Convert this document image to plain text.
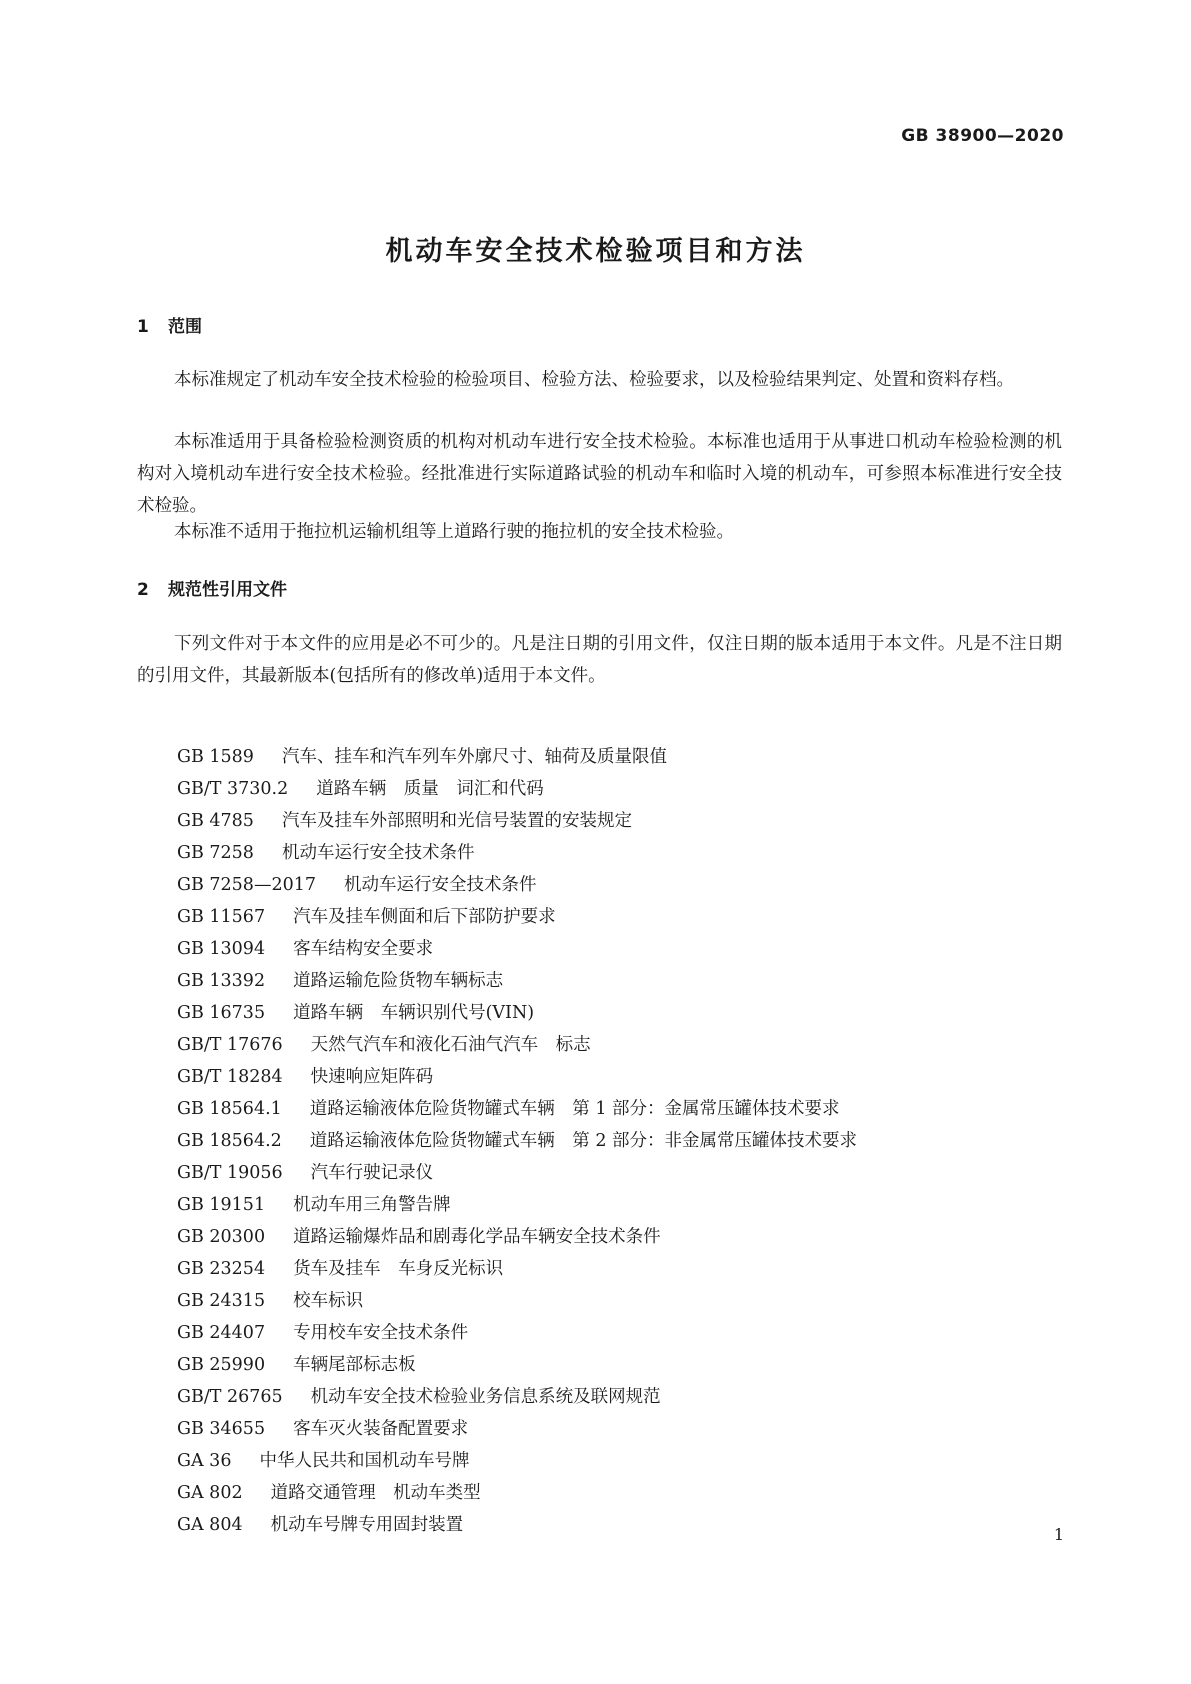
GB 38900—2020
机动车安全技术检验项目和方法
1 范围
本标准规定了机动车安全技术检验的检验项目、检验方法、检验要求，以及检验结果判定、处置和资料存档。
本标准适用于具备检验检测资质的机构对机动车进行安全技术检验。本标准也适用于从事进口机动车检验检测的机构对入境机动车进行安全技术检验。经批准进行实际道路试验的机动车和临时入境的机动车，可参照本标准进行安全技术检验。
本标准不适用于拖拉机运输机组等上道路行驶的拖拉机的安全技术检验。
2 规范性引用文件
下列文件对于本文件的应用是必不可少的。凡是注日期的引用文件，仅注日期的版本适用于本文件。凡是不注日期的引用文件，其最新版本(包括所有的修改单)适用于本文件。
GB 1589 汽车、挂车和汽车列车外廓尺寸、轴荷及质量限值
GB/T 3730.2 道路车辆　质量　词汇和代码
GB 4785 汽车及挂车外部照明和光信号装置的安装规定
GB 7258 机动车运行安全技术条件
GB 7258—2017 机动车运行安全技术条件
GB 11567 汽车及挂车侧面和后下部防护要求
GB 13094 客车结构安全要求
GB 13392 道路运输危险货物车辆标志
GB 16735 道路车辆　车辆识别代号(VIN)
GB/T 17676 天然气汽车和液化石油气汽车　标志
GB/T 18284 快速响应矩阵码
GB 18564.1 道路运输液体危险货物罐式车辆　第 1 部分：金属常压罐体技术要求
GB 18564.2 道路运输液体危险货物罐式车辆　第 2 部分：非金属常压罐体技术要求
GB/T 19056 汽车行驶记录仪
GB 19151 机动车用三角警告牌
GB 20300 道路运输爆炸品和剧毒化学品车辆安全技术条件
GB 23254 货车及挂车　车身反光标识
GB 24315 校车标识
GB 24407 专用校车安全技术条件
GB 25990 车辆尾部标志板
GB/T 26765 机动车安全技术检验业务信息系统及联网规范
GB 34655 客车灭火装备配置要求
GA 36 中华人民共和国机动车号牌
GA 802 道路交通管理　机动车类型
GA 804 机动车号牌专用固封装置	1
